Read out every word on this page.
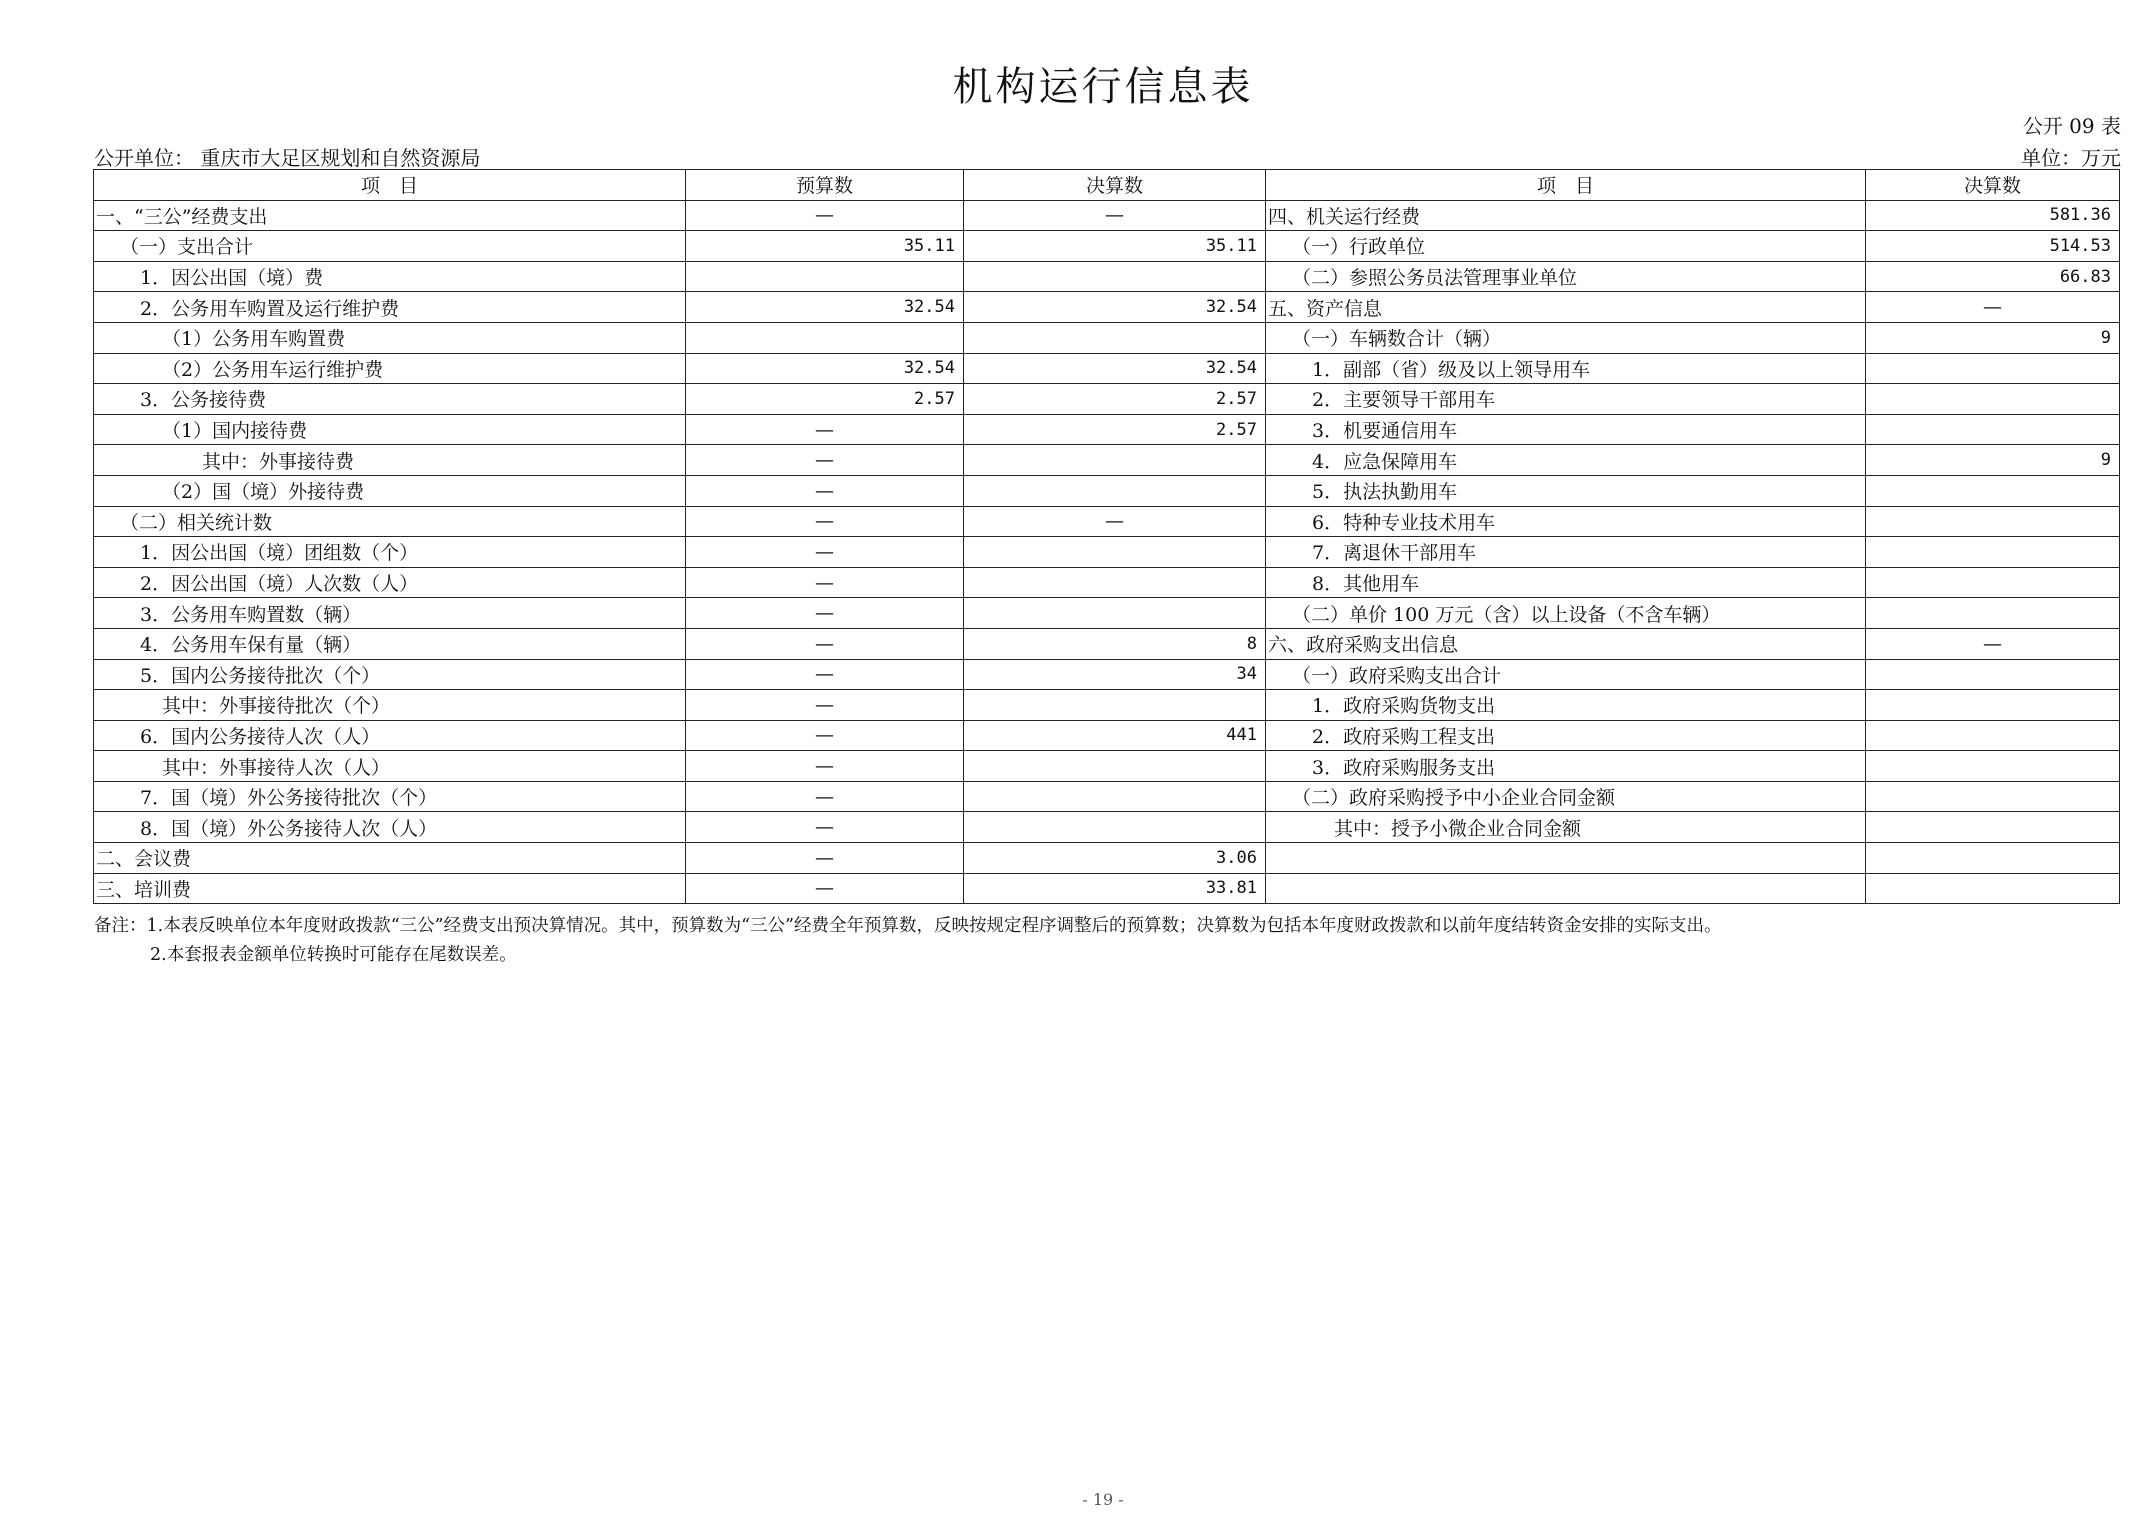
机构运行信息表
公开 09 表
公开单位： 重庆市大足区规划和自然资源局	单位：万元
项　目	预算数	决算数	项　目	决算数
一、“三公”经费支出	—	—	四、机关运行经费	581.36
（一）支出合计	35.11	35.11	（一）行政单位	514.53
1．因公出国（境）费			（二）参照公务员法管理事业单位	66.83
2．公务用车购置及运行维护费	32.54	32.54	五、资产信息	—
（1）公务用车购置费			（一）车辆数合计（辆）	9
（2）公务用车运行维护费	32.54	32.54	1．副部（省）级及以上领导用车	
3．公务接待费	2.57	2.57	2．主要领导干部用车	
（1）国内接待费	—	2.57	3．机要通信用车	
其中：外事接待费	—		4．应急保障用车	9
（2）国（境）外接待费	—		5．执法执勤用车	
（二）相关统计数	—	—	6．特种专业技术用车	
1．因公出国（境）团组数（个）	—		7．离退休干部用车	
2．因公出国（境）人次数（人）	—		8．其他用车	
3．公务用车购置数（辆）	—		（二）单价 100 万元（含）以上设备（不含车辆）	
4．公务用车保有量（辆）	—	8	六、政府采购支出信息	—
5．国内公务接待批次（个）	—	34	（一）政府采购支出合计	
其中：外事接待批次（个）	—		1．政府采购货物支出	
6．国内公务接待人次（人）	—	441	2．政府采购工程支出	
其中：外事接待人次（人）	—		3．政府采购服务支出	
7．国（境）外公务接待批次（个）	—		（二）政府采购授予中小企业合同金额	
8．国（境）外公务接待人次（人）	—		其中：授予小微企业合同金额	
二、会议费	—	3.06		
三、培训费	—	33.81		
备注：1.本表反映单位本年度财政拨款“三公”经费支出预决算情况。其中，预算数为“三公”经费全年预算数，反映按规定程序调整后的预算数；决算数为包括本年度财政拨款和以前年度结转资金安排的实际支出。
2.本套报表金额单位转换时可能存在尾数误差。
- 19 -
